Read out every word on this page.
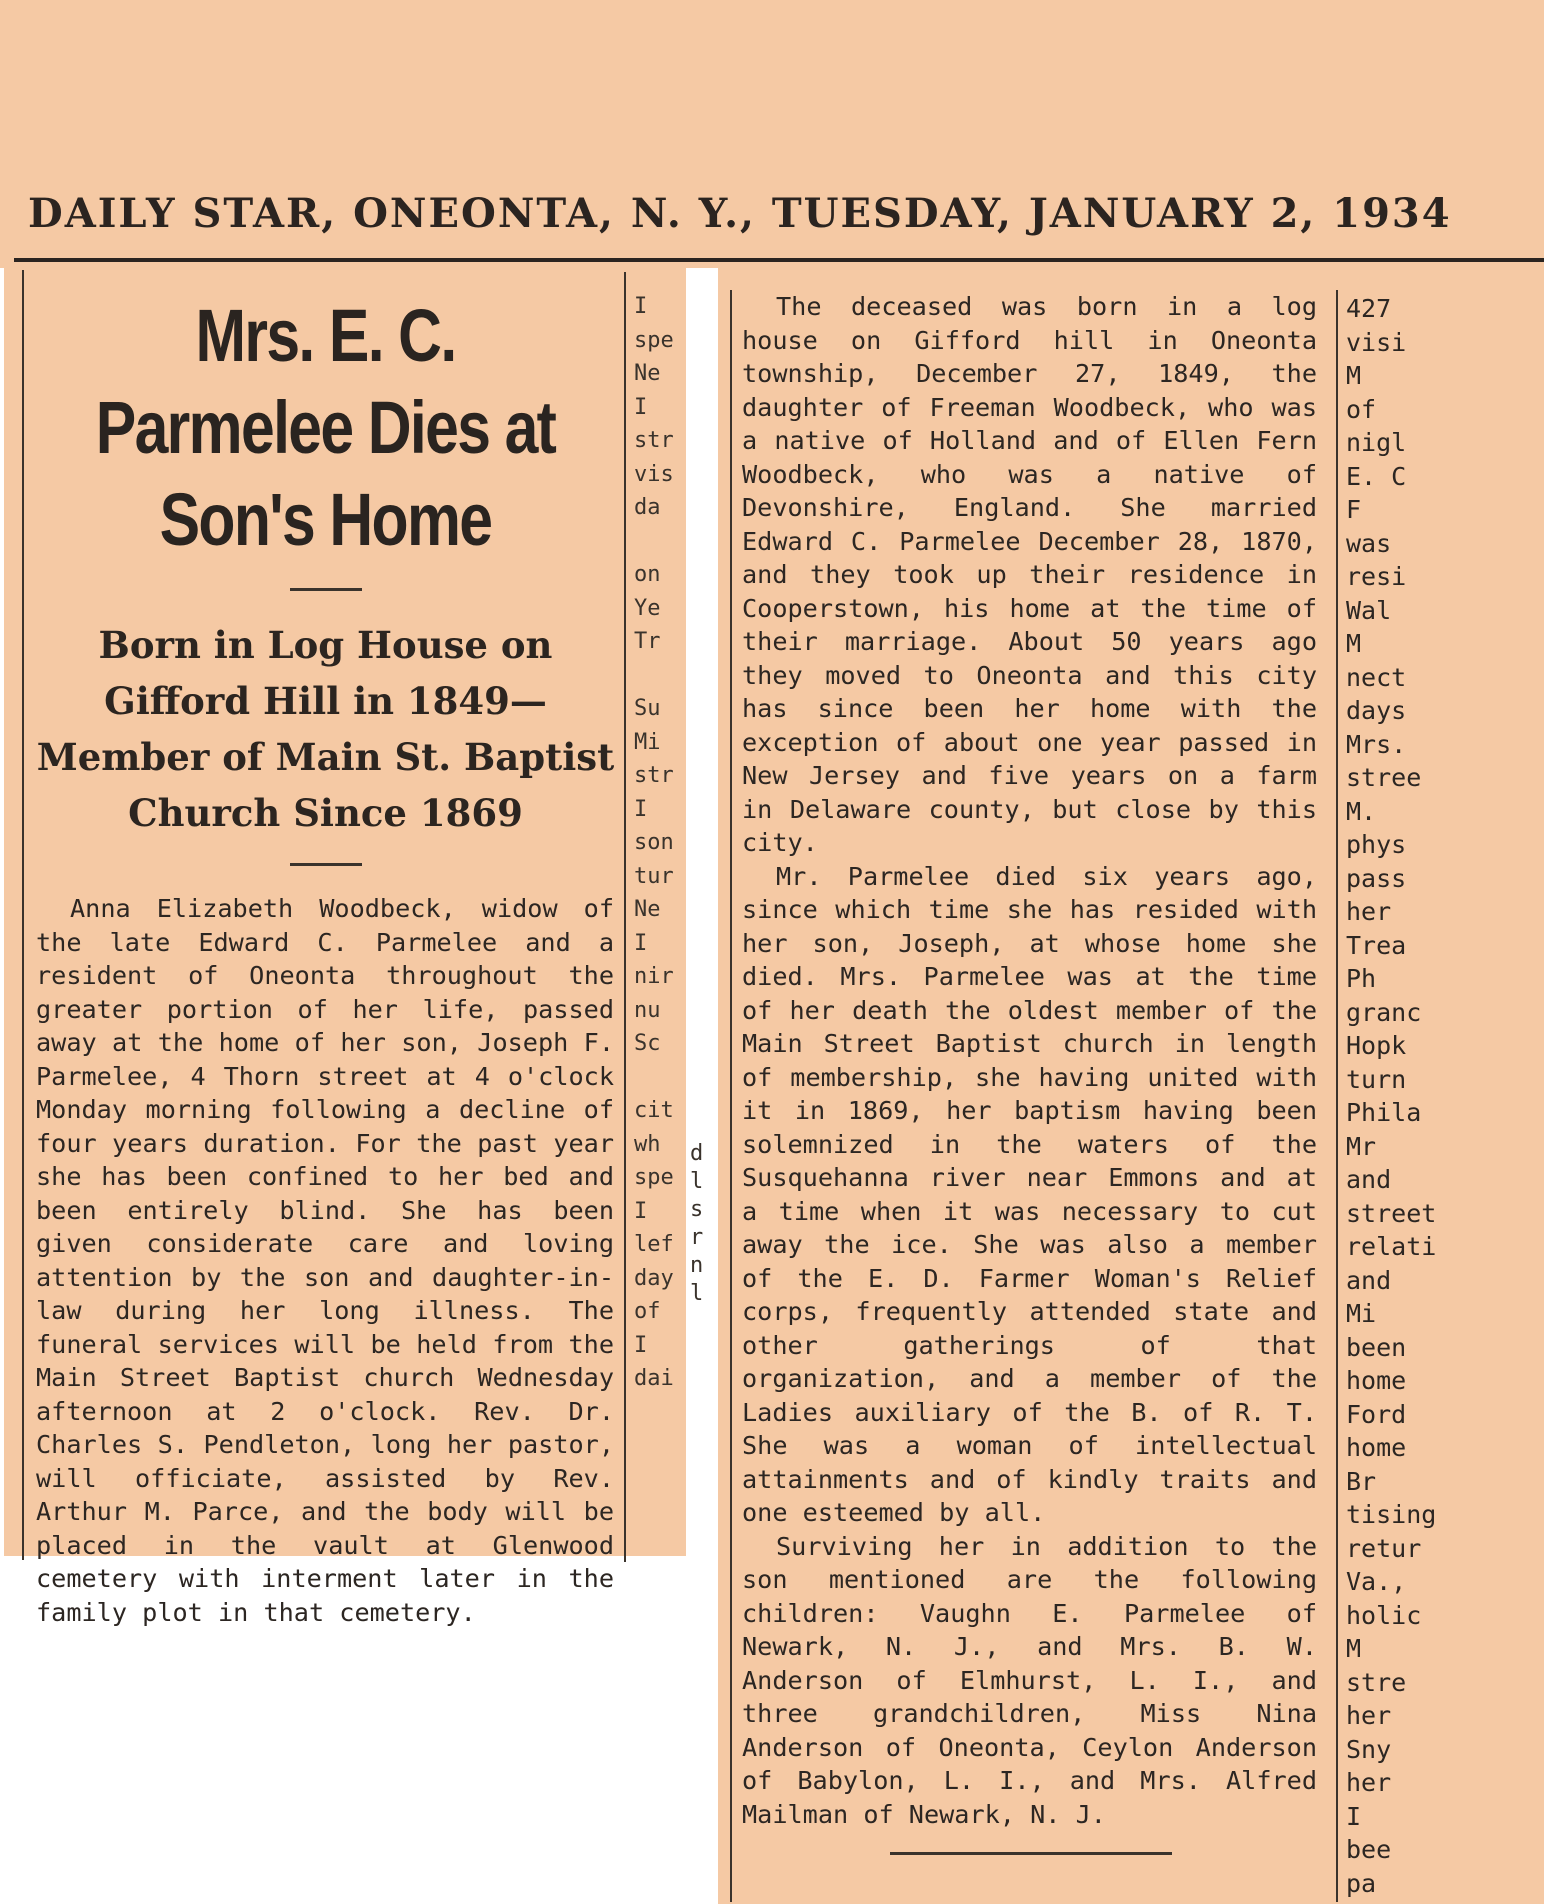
DAILY STAR, ONEONTA, N. Y., TUESDAY, JANUARY 2, 1934
Mrs. E. C. Parmelee Dies at Son's Home
Born in Log House on Gifford Hill in 1849—Member of Main St. Baptist Church Since 1869

Anna Elizabeth Woodbeck, widow of the late Edward C. Parmelee and a resident of Oneonta throughout the greater portion of her life, passed away at the home of her son, Joseph F. Parmelee, 4 Thorn street at 4 o'clock Monday morning following a decline of four years duration. For the past year she has been confined to her bed and been entirely blind. She has been given considerate care and loving attention by the son and daughter-in-law during her long illness. The funeral services will be held from the Main Street Baptist church Wednesday afternoon at 2 o'clock. Rev. Dr. Charles S. Pendleton, long her pastor, will officiate, assisted by Rev. Arthur M. Parce, and the body will be placed in the vault at Glenwood cemetery with interment later in the family plot in that cemetery.

I
spe
Ne
I
str
vis
da

on
Ye
Tr

Su
Mi
str
I
son
tur
Ne
I
nir
nu
Sc

cit
wh
spe
I
lef
day
of
I
dai
d
l
s
r
n
l

The deceased was born in a log house on Gifford hill in Oneonta township, December 27, 1849, the daughter of Freeman Woodbeck, who was a native of Holland and of Ellen Fern Woodbeck, who was a native of Devonshire, England. She married Edward C. Parmelee December 28, 1870, and they took up their residence in Cooperstown, his home at the time of their marriage. About 50 years ago they moved to Oneonta and this city has since been her home with the exception of about one year passed in New Jersey and five years on a farm in Delaware county, but close by this city.

Mr. Parmelee died six years ago, since which time she has resided with her son, Joseph, at whose home she died. Mrs. Parmelee was at the time of her death the oldest member of the Main Street Baptist church in length of membership, she having united with it in 1869, her baptism having been solemnized in the waters of the Susquehanna river near Emmons and at a time when it was necessary to cut away the ice. She was also a member of the E. D. Farmer Woman's Relief corps, frequently attended state and other gatherings of that organization, and a member of the Ladies auxiliary of the B. of R. T. She was a woman of intellectual attainments and of kindly traits and one esteemed by all.

Surviving her in addition to the son mentioned are the following children: Vaughn E. Parmelee of Newark, N. J., and Mrs. B. W. Anderson of Elmhurst, L. I., and three grandchildren, Miss Nina Anderson of Oneonta, Ceylon Anderson of Babylon, L. I., and Mrs. Alfred Mailman of Newark, N. J.

427
visi
M
of
nigl
E. C
F
was
resi
Wal
M
nect
days
Mrs.
stree
M.
phys
pass
her
Trea
Ph
granc
Hopk
turn
Phila
Mr
and
street
relati
and
Mi
been
home
Ford
home
Br
tising
retur
Va.,
holic
M
stre
her
Sny
her
I
bee
pa
